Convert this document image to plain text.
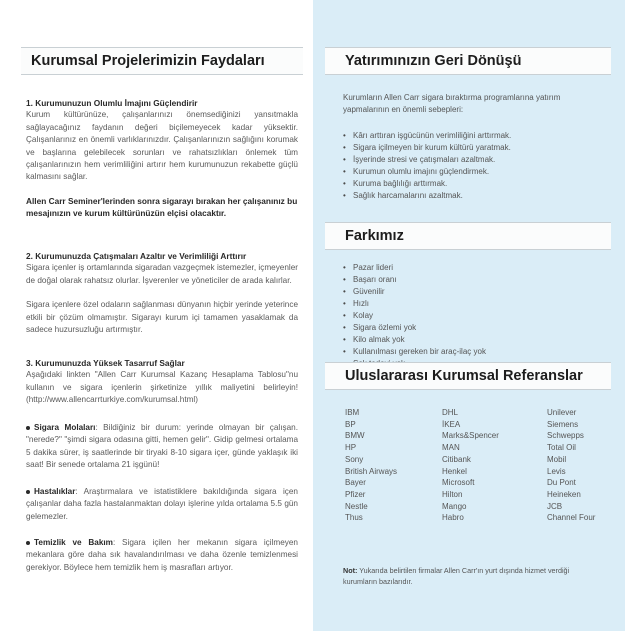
Kurumsal Projelerimizin Faydaları

1. Kurumunuzun Olumlu İmajını Güçlendirir

Kurum kültürünüze, çalışanlarınızı önemsediğinizi yansıtmakla sağlayacağınız faydanın değeri biçilemeyecek kadar yüksektir. Çalışanlarınız en önemli varlıklarınızdır. Çalışanlarınızın sağlığını korumak ve başlarına gelebilecek sorunları ve rahatsızlıkları önlemek tüm çalışanlarınızın hem verimliliğini artırır hem kurumunuzun rekabette güçlü kalmasını sağlar.

Allen Carr Seminer'lerinden sonra sigarayı bırakan her çalışanınız bu mesajınızın ve kurum kültürünüzün elçisi olacaktır.

2. Kurumunuzda Çatışmaları Azaltır ve Verimliliği Arttırır

Sigara içenler iş ortamlarında sigaradan vazgeçmek istemezler, içmeyenler de doğal olarak rahatsız olurlar. İşverenler ve yöneticiler de arada kalırlar.

Sigara içenlere özel odaların sağlanması dünyanın hiçbir yerinde yeterince etkili bir çözüm olmamıştır. Sigarayı kurum içi tamamen yasaklamak da sadece huzursuzluğu artırmıştır.

3. Kurumunuzda Yüksek Tasarruf Sağlar

Aşağıdaki linkten "Allen Carr Kurumsal Kazanç Hesaplama Tablosu"nu kullanın ve sigara içenlerin şirketinize yıllık maliyetini belirleyin! (http://www.allencarrturkiye.com/kurumsal.html)

Sigara Molaları: Bildiğiniz bir durum: yerinde olmayan bir çalışan. "nerede?" "şimdi sigara odasına gitti, hemen gelir". Gidip gelmesi ortalama 5 dakika sürer, iş saatlerinde bir tiryaki 8-10 sigara içer, günde yaklaşık iki saat! Bir senede ortalama 21 işgünü!

Hastalıklar: Araştırmalara ve istatistiklere bakıldığında sigara içen çalışanlar daha fazla hastalanmaktan dolayı işlerine yılda ortalama 5.5 gün gelemezler.

Temizlik ve Bakım: Sigara içilen her mekanın sigara içilmeyen mekanlara göre daha sık havalandırılması ve daha özenle temizlenmesi gerekiyor. Böylece hem temizlik hem iş masrafları artıyor.

Yatırımınızın Geri Dönüşü

Kurumların Allen Carr sigara bıraktırma programlarına yatırım yapmalarının en önemli sebepleri:

• Kârı arttıran işgücünün verimliliğini arttırmak.
• Sigara içilmeyen bir kurum kültürü yaratmak.
• İşyerinde stresi ve çatışmaları azaltmak.
• Kurumun olumlu imajını güçlendirmek.
• Kuruma bağlılığı arttırmak.
• Sağlık harcamalarını azaltmak.
Farkımız
• Pazar lideri
• Başarı oranı
• Güvenilir
• Hızlı
• Kolay
• Sigara özlemi yok
• Kilo almak yok
• Kullanılması gereken bir araç-ilaç yok
Uluslararası Kurumsal Referanslar
IBM
BP
BMW
HP
Sony
British Airways
Bayer
Pfizer
Nestle
Thus
DHL
İKEA
Marks&Spencer
MAN
Citibank
Henkel
Microsoft
Hilton
Mango
Habro
Unilever
Siemens
Schwepps
Total Oil
Mobil
Levis
Du Pont
Heineken
JCB
Channel Four

Not: Yukarıda belirtilen firmalar Allen Carr'ın yurt dışında hizmet verdiği kurumların bazılarıdır.
